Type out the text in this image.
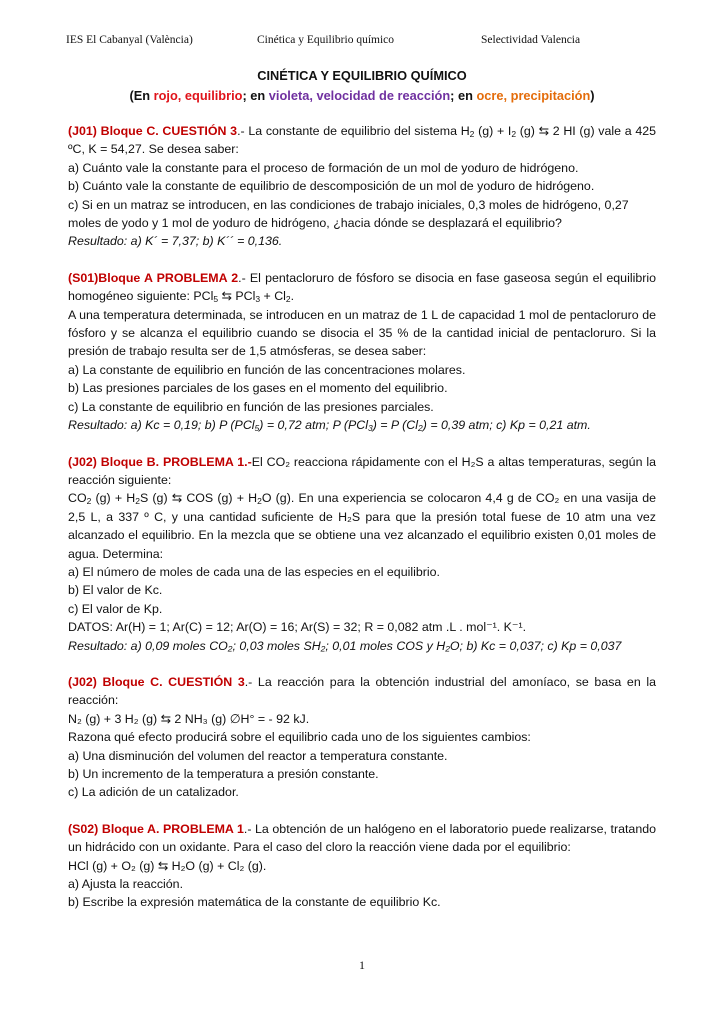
IES El Cabanyal (València)	Cinética y Equilibrio químico	Selectividad Valencia

CINÉTICA Y EQUILIBRIO QUÍMICO

(En rojo, equilibrio; en violeta, velocidad de reacción; en ocre, precipitación)

(J01) Bloque C. CUESTIÓN 3.- La constante de equilibrio del sistema $H_2$ $(g) + I_2$ (g) ⇆ 2 HI (g) vale a 425 ºC, K = 54,27. Se desea saber:

a) Cuánto vale la constante para el proceso de formación de un mol de yoduro de hidrógeno.

b) Cuánto vale la constante de equilibrio de descomposición de un mol de yoduro de hidrógeno.

c) Si en un matraz se introducen, en las condiciones de trabajo iniciales, 0,3 moles de hidrógeno, 0,27 moles de yodo y 1 mol de yoduro de hidrógeno, ¿hacia dónde se desplazará el equilibrio?

Resultado: a) K´ = 7,37; b) K´´ = 0,136.

(S01)Bloque A PROBLEMA 2.- El pentacloruro de fósforo se disocia en fase gaseosa según el equilibrio homogéneo siguiente: PCl$_5$ ⇆ $PCl_3 + Cl_2$.

A una temperatura determinada, se introducen en un matraz de 1 L de capacidad 1 mol de pentacloruro de fósforo y se alcanza el equilibrio cuando se disocia el 35 % de la cantidad inicial de pentacloruro. Si la presión de trabajo resulta ser de 1,5 atmósferas, se desea saber:

a) La constante de equilibrio en función de las concentraciones molares.

b) Las presiones parciales de los gases en el momento del equilibrio.

c) La constante de equilibrio en función de las presiones parciales.

Resultado: a) Kc = 0,19; b) P (PCl$_5$) = 0,72 atm; P (PCl$_3$) = P $(Cl_2) = 0,39$ atm; c) Kp = 0,21 atm.

(J02) Bloque B. PROBLEMA 1.-El CO₂ reacciona rápidamente con el H₂S a altas temperaturas, según la reacción siguiente:

$CO_2$ $(g) + H_2S$ (g) ⇆ COS $(g) + H_2O$ (g). En una experiencia se colocaron 4,4 g de CO₂ en una vasija de 2,5 L, a 337 º C, y una cantidad suficiente de H₂S para que la presión total fuese de 10 atm una vez alcanzado el equilibrio. En la mezcla que se obtiene una vez alcanzado el equilibrio existen 0,01 moles de agua. Determina:

a) El número de moles de cada una de las especies en el equilibrio.

b) El valor de Kc.

c) El valor de Kp.

DATOS: Ar(H) = 1; Ar(C) = 12; Ar(O) = 16; Ar(S) = 32; R = 0,082 atm .L . mol⁻¹. K⁻¹.

Resultado: a) 0,09 moles CO₂; 0,03 moles SH₂; 0,01 moles COS y H₂O; b) Kc = 0,037; c) Kp = 0,037

(J02) Bloque C. CUESTIÓN 3.- La reacción para la obtención industrial del amoníaco, se basa en la reacción:

N₂ (g) + 3 H₂ (g) ⇆ 2 NH₃ (g) ∅H° = - 92 kJ.

Razona qué efecto producirá sobre el equilibrio cada uno de los siguientes cambios:

a) Una disminución del volumen del reactor a temperatura constante.

b) Un incremento de la temperatura a presión constante.

c) La adición de un catalizador.

(S02) Bloque A. PROBLEMA 1.- La obtención de un halógeno en el laboratorio puede realizarse, tratando un hidrácido con un oxidante. Para el caso del cloro la reacción viene dada por el equilibrio:

HCl (g) + O₂ (g) ⇆ H₂O (g) + Cl₂ (g).

a) Ajusta la reacción.

b) Escribe la expresión matemática de la constante de equilibrio Kc.

1
